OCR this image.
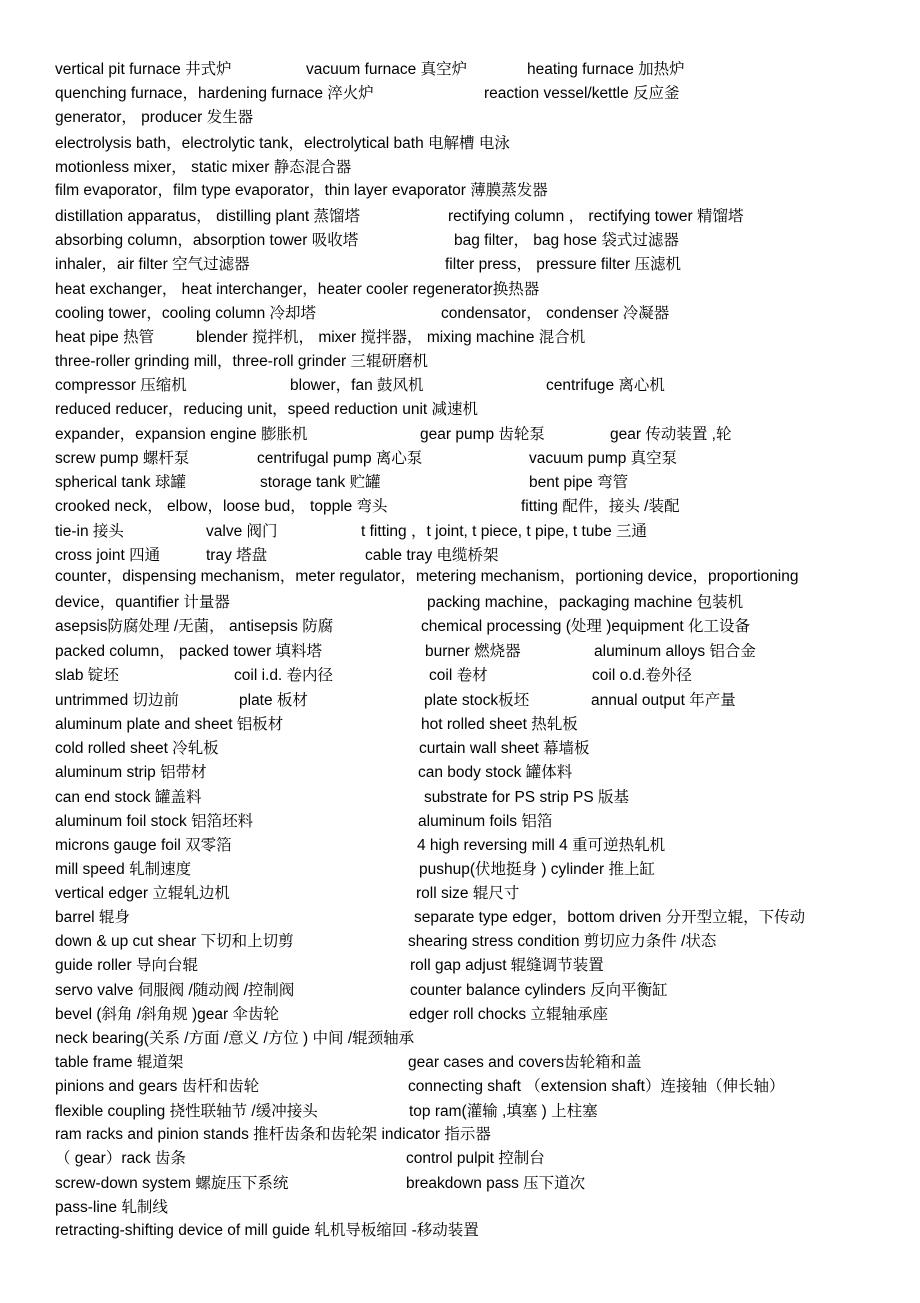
vertical pit furnace 井式炉	vacuum furnace 真空炉	heating furnace 加热炉
quenching furnace，hardening furnace 淬火炉	reaction vessel/kettle 反应釜
generator， producer 发生器
electrolysis bath，electrolytic tank，electrolytical bath 电解槽 电泳
motionless mixer， static mixer 静态混合器
film evaporator，film type evaporator，thin layer evaporator 薄膜蒸发器
distillation apparatus， distilling plant 蒸馏塔	rectifying column ， rectifying tower 精馏塔
absorbing column，absorption tower 吸收塔	bag filter， bag hose 袋式过滤器
inhaler，air filter 空气过滤器	filter press， pressure filter 压滤机
heat exchanger， heat interchanger，heater cooler regenerator换热器
cooling tower，cooling column 冷却塔	condensator， condenser 冷凝器
heat pipe 热管	blender 搅拌机， mixer 搅拌器， mixing machine 混合机
three-roller grinding mill，three-roll grinder 三辊研磨机
compressor 压缩机	blower，fan 鼓风机	centrifuge 离心机
reduced reducer，reducing unit，speed reduction unit 减速机
expander，expansion engine 膨胀机	gear pump 齿轮泵	gear 传动装置 ,轮
screw pump 螺杆泵	centrifugal pump 离心泵	vacuum pump 真空泵
spherical tank 球罐	storage tank 贮罐	bent pipe 弯管
crooked neck， elbow，loose bud， topple 弯头	fitting 配件，接头 /装配
tie-in 接头	valve 阀门	t fitting ，t joint, t piece, t pipe, t tube 三通
cross joint 四通	tray 塔盘	cable tray 电缆桥架
counter，dispensing mechanism，meter regulator，metering mechanism，portioning device，proportioning
device，quantifier 计量器	packing machine，packaging machine 包装机
asepsis防腐处理 /无菌， antisepsis 防腐	chemical processing (处理 )equipment 化工设备
packed column， packed tower 填料塔	burner 燃烧器	aluminum alloys 铝合金
slab 锭坯	coil i.d. 卷内径	coil 卷材	coil o.d.卷外径
untrimmed 切边前	plate 板材	plate stock板坯	annual output 年产量
aluminum plate and sheet 铝板材	hot rolled sheet 热轧板
cold rolled sheet 冷轧板	curtain wall sheet 幕墙板
aluminum strip 铝带材	can body stock 罐体料
can end stock 罐盖料	substrate for PS strip PS 版基
aluminum foil stock 铝箔坯料	aluminum foils 铝箔
microns gauge foil 双零箔	4 high reversing mill 4 重可逆热轧机
mill speed 轧制速度	pushup(伏地挺身 ) cylinder 推上缸
vertical edger 立辊轧边机	roll size 辊尺寸
barrel 辊身	separate type edger，bottom driven 分开型立辊，下传动
down & up cut shear 下切和上切剪	shearing stress condition 剪切应力条件 /状态
guide roller 导向台辊	roll gap adjust 辊缝调节装置
servo valve 伺服阀 /随动阀 /控制阀	counter balance cylinders 反向平衡缸
bevel (斜角 /斜角规 )gear 伞齿轮	edger roll chocks 立辊轴承座
neck bearing(关系 /方面 /意义 /方位 ) 中间 /辊颈轴承
table frame 辊道架	gear cases and covers齿轮箱和盖
pinions and gears 齿杆和齿轮	connecting shaft （extension shaft）连接轴（伸长轴）
flexible coupling 挠性联轴节 /缓冲接头	top ram(灌输 ,填塞 ) 上柱塞
ram racks and pinion stands 推杆齿条和齿轮架 indicator 指示器
（ gear）rack 齿条	control pulpit 控制台
screw-down system 螺旋压下系统	breakdown pass 压下道次
pass-line 轧制线
retracting-shifting device of mill guide 轧机导板缩回 -移动装置
